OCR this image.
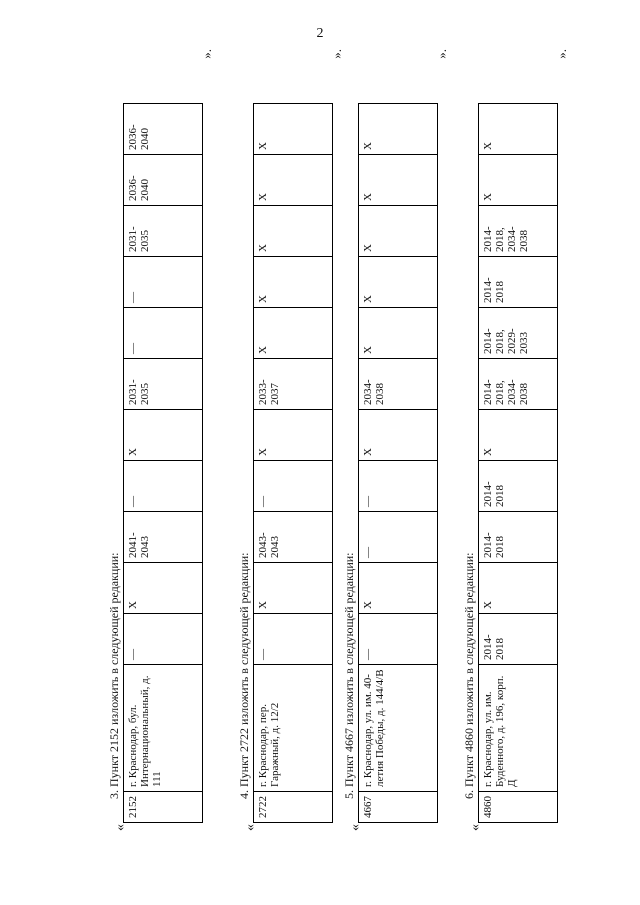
2
3. Пункт 2152 изложить в следующей редакции:
«
2152	г. Краснодар, бул. Интернациональный, д. 111	—	X	2041-2043	—	X	2031-2035	—	—	2031-2035	2036-2040	2036-2040
».
4. Пункт 2722 изложить в следующей редакции:
«
2722	г. Краснодар, пер. Гаражный, д. 12/2	—	X	2043-2043	—	X	2033-2037	X	X	X	X	X
».
5. Пункт 4667 изложить в следующей редакции:
«
4667	г. Краснодар, ул. им. 40-летия Победы, д. 144/4/В	—	X	—	—	X	2034-2038	X	X	X	X	X
».
6. Пункт 4860 изложить в следующей редакции:
«
4860	г. Краснодар, ул. им. Буденного, д. 196, корп. Д	2014-2018	X	2014-2018	2014-2018	X	2014-2018, 2034-2038	2014-2018, 2029-2033	2014-2018	2014-2018, 2034-2038	X	X
».
